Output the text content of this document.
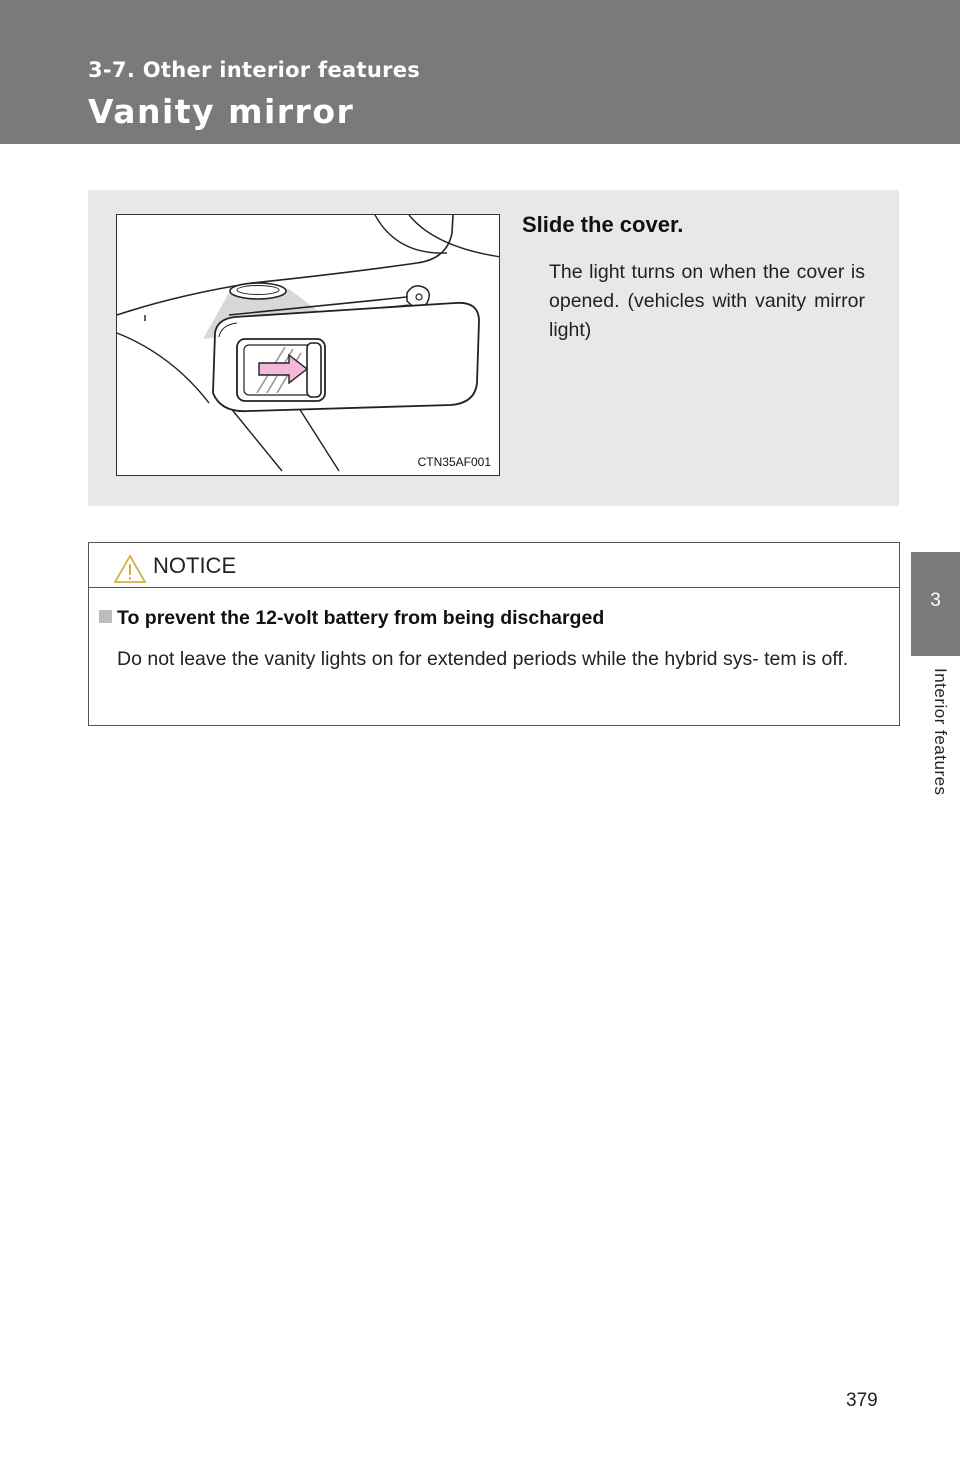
3-7. Other interior features
Vanity mirror
3
Interior features
CTN35AF001
Slide the cover.

The light turns on when the cover is opened. (vehicles with vanity mirror light)

NOTICE
To prevent the 12-volt battery from being discharged

Do not leave the vanity lights on for extended periods while the hybrid sys- tem is off.

379
